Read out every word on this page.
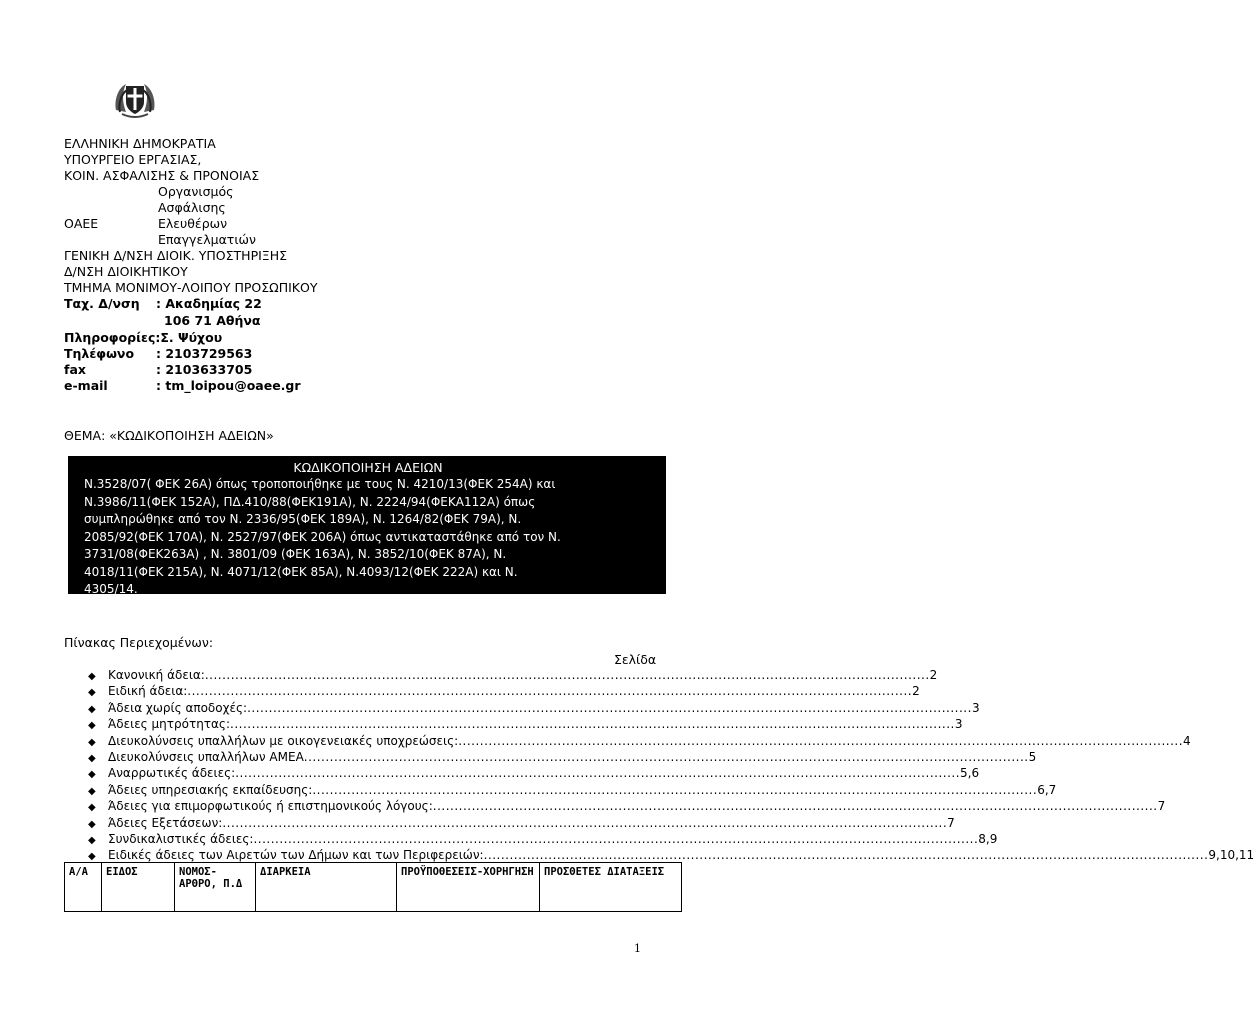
ΕΛΛΗΝΙΚΗ ΔΗΜΟΚΡΑΤΙΑ
ΥΠΟΥΡΓΕΙΟ ΕΡΓΑΣΙΑΣ,
ΚΟΙΝ. ΑΣΦΑΛΙΣΗΣ & ΠΡΟΝΟΙΑΣ
Οργανισμός
Ασφάλισης
ΟΑΕΕ	Ελευθέρων
Επαγγελματιών
ΓΕΝΙΚΗ Δ/ΝΣΗ ΔΙΟΙΚ. ΥΠΟΣΤΗΡΙΞΗΣ
Δ/ΝΣΗ ΔΙΟΙΚΗΤΙΚΟΥ
ΤΜΗΜΑ ΜΟΝΙΜΟΥ-ΛΟΙΠΟΥ ΠΡΟΣΩΠΙΚΟΥ
Ταχ. Δ/νση : Ακαδημίας 22
106 71 Αθήνα
Πληροφορίες:Σ. Ψύχου
Τηλέφωνο : 2103729563
fax	: 2103633705
e-mail	: tm_loipou@oaee.gr
ΘΕΜΑ: «ΚΩΔΙΚΟΠΟΙΗΣΗ ΑΔΕΙΩΝ»
ΚΩΔΙΚΟΠΟΙΗΣΗ ΑΔΕΙΩΝ
Ν.3528/07( ΦΕΚ 26Α) όπως τροποποιήθηκε με τους Ν. 4210/13(ΦΕΚ 254Α) και
Ν.3986/11(ΦΕΚ 152Α), ΠΔ.410/88(ΦΕΚ191Α), Ν. 2224/94(ΦΕΚΑ112Α) όπως
συμπληρώθηκε από τον Ν. 2336/95(ΦΕΚ 189Α), Ν. 1264/82(ΦΕΚ 79Α), Ν.
2085/92(ΦΕΚ 170Α), Ν. 2527/97(ΦΕΚ 206Α) όπως αντικαταστάθηκε από τον Ν.
3731/08(ΦΕΚ263Α) , Ν. 3801/09 (ΦΕΚ 163Α), Ν. 3852/10(ΦΕΚ 87Α), Ν.
4018/11(ΦΕΚ 215Α), Ν. 4071/12(ΦΕΚ 85Α), Ν.4093/12(ΦΕΚ 222Α) και Ν.
4305/14.
Πίνακας Περιεχομένων:
Σελίδα
◆	Κανονική άδεια: ........................................................................................................................................................................ 2
◆	Ειδική άδεια: ........................................................................................................................................................................ 2
◆	Άδεια χωρίς αποδοχές: ........................................................................................................................................................................ 3
◆	Άδειες μητρότητας: ........................................................................................................................................................................ 3
◆	Διευκολύνσεις υπαλλήλων με οικογενειακές υποχρεώσεις: ........................................................................................................................................................................ 4
◆	Διευκολύνσεις υπαλλήλων ΑΜΕΑ ........................................................................................................................................................................ 5
◆	Αναρρωτικές άδειες: ........................................................................................................................................................................ 5,6
◆	Άδειες υπηρεσιακής εκπαίδευσης: ........................................................................................................................................................................ 6,7
◆	Άδειες για επιμορφωτικούς ή επιστημονικούς λόγους: ........................................................................................................................................................................ 7
◆	Άδειες Εξετάσεων: ........................................................................................................................................................................ 7
◆	Συνδικαλιστικές άδειες: ........................................................................................................................................................................ 8,9
◆	Ειδικές άδειες των Αιρετών των Δήμων και των Περιφερειών: ........................................................................................................................................................................ 9,10,11
Α/Α	ΕΙΔΟΣ	ΝΟΜΟΣ-ΑΡΘΡΟ, Π.Δ	ΔΙΑΡΚΕΙΑ	ΠΡΟΫΠΟΘΕΣΕΙΣ-ΧΟΡΗΓΗΣΗ	ΠΡΟΣΘΕΤΕΣ ΔΙΑΤΑΞΕΙΣ
1
